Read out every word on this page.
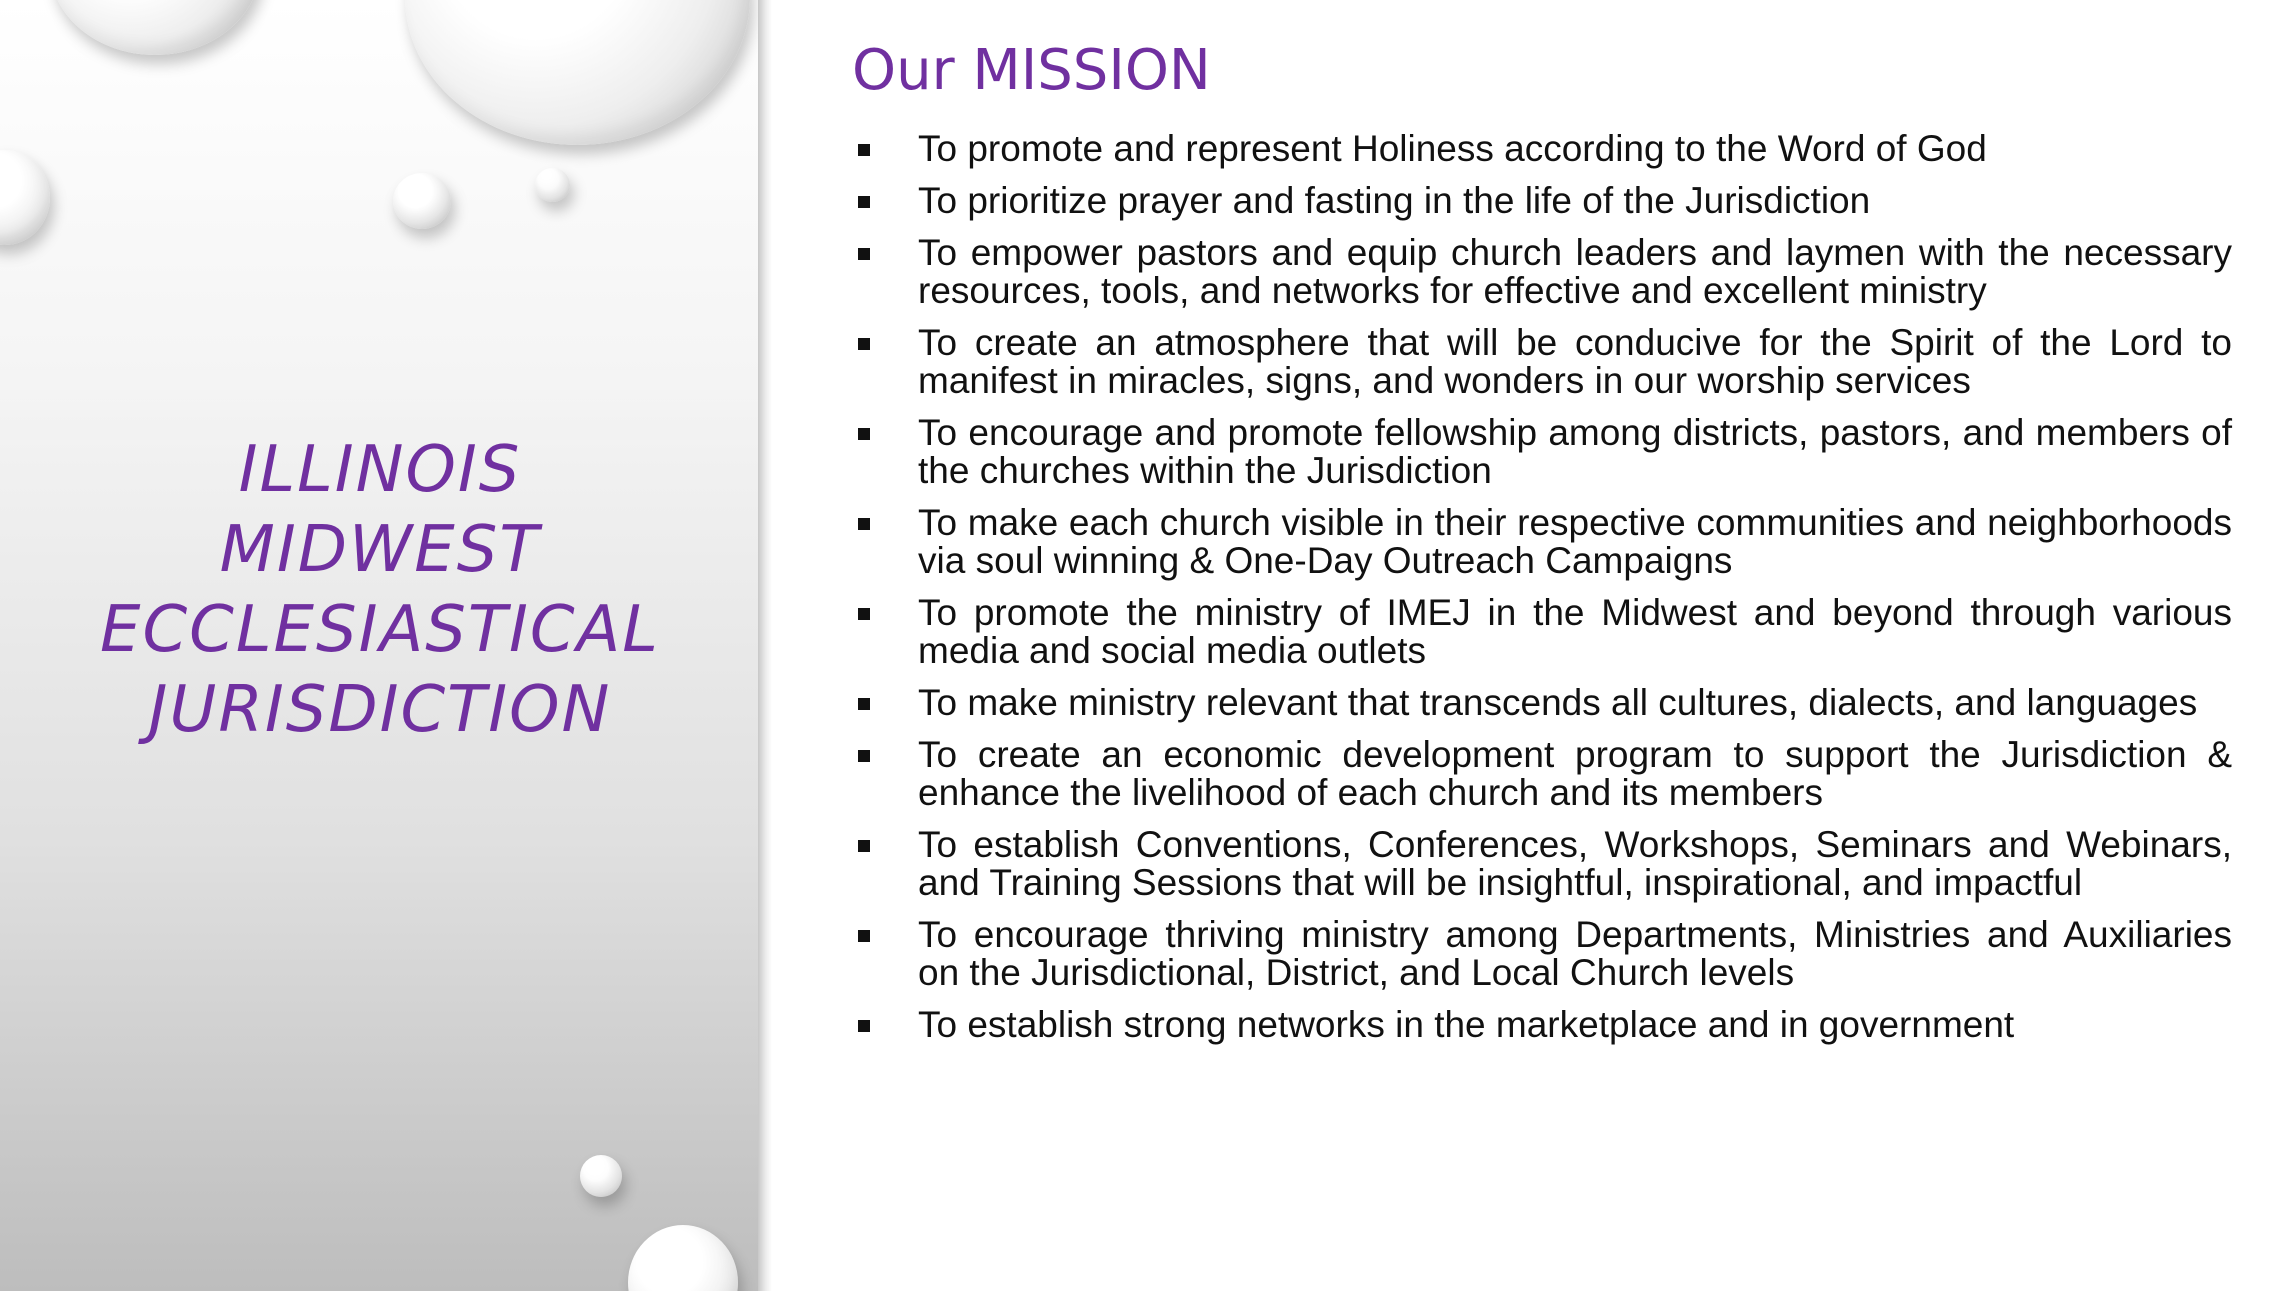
ILLINOIS
MIDWEST
ECCLESIASTICAL
JURISDICTION
Our MISSION
To promote and represent Holiness according to the Word of God
To prioritize prayer and fasting in the life of the Jurisdiction
To empower pastors and equip church leaders and laymen with the necessary resources, tools, and networks for effective and excellent ministry
To create an atmosphere that will be conducive for the Spirit of the Lord to manifest in miracles, signs, and wonders in our worship services
To encourage and promote fellowship among districts, pastors, and members of the churches within the Jurisdiction
To make each church visible in their respective communities and neighborhoods via soul winning & One-Day Outreach Campaigns
To promote the ministry of IMEJ in the Midwest and beyond through various media and social media outlets
To make ministry relevant that transcends all cultures, dialects, and languages
To create an economic development program to support the Jurisdiction & enhance the livelihood of each church and its members
To establish Conventions, Conferences, Workshops, Seminars and Webinars, and Training Sessions that will be insightful, inspirational, and impactful
To encourage thriving ministry among Departments, Ministries and Auxiliaries on the Jurisdictional, District, and Local Church levels
To establish strong networks in the marketplace and in government
